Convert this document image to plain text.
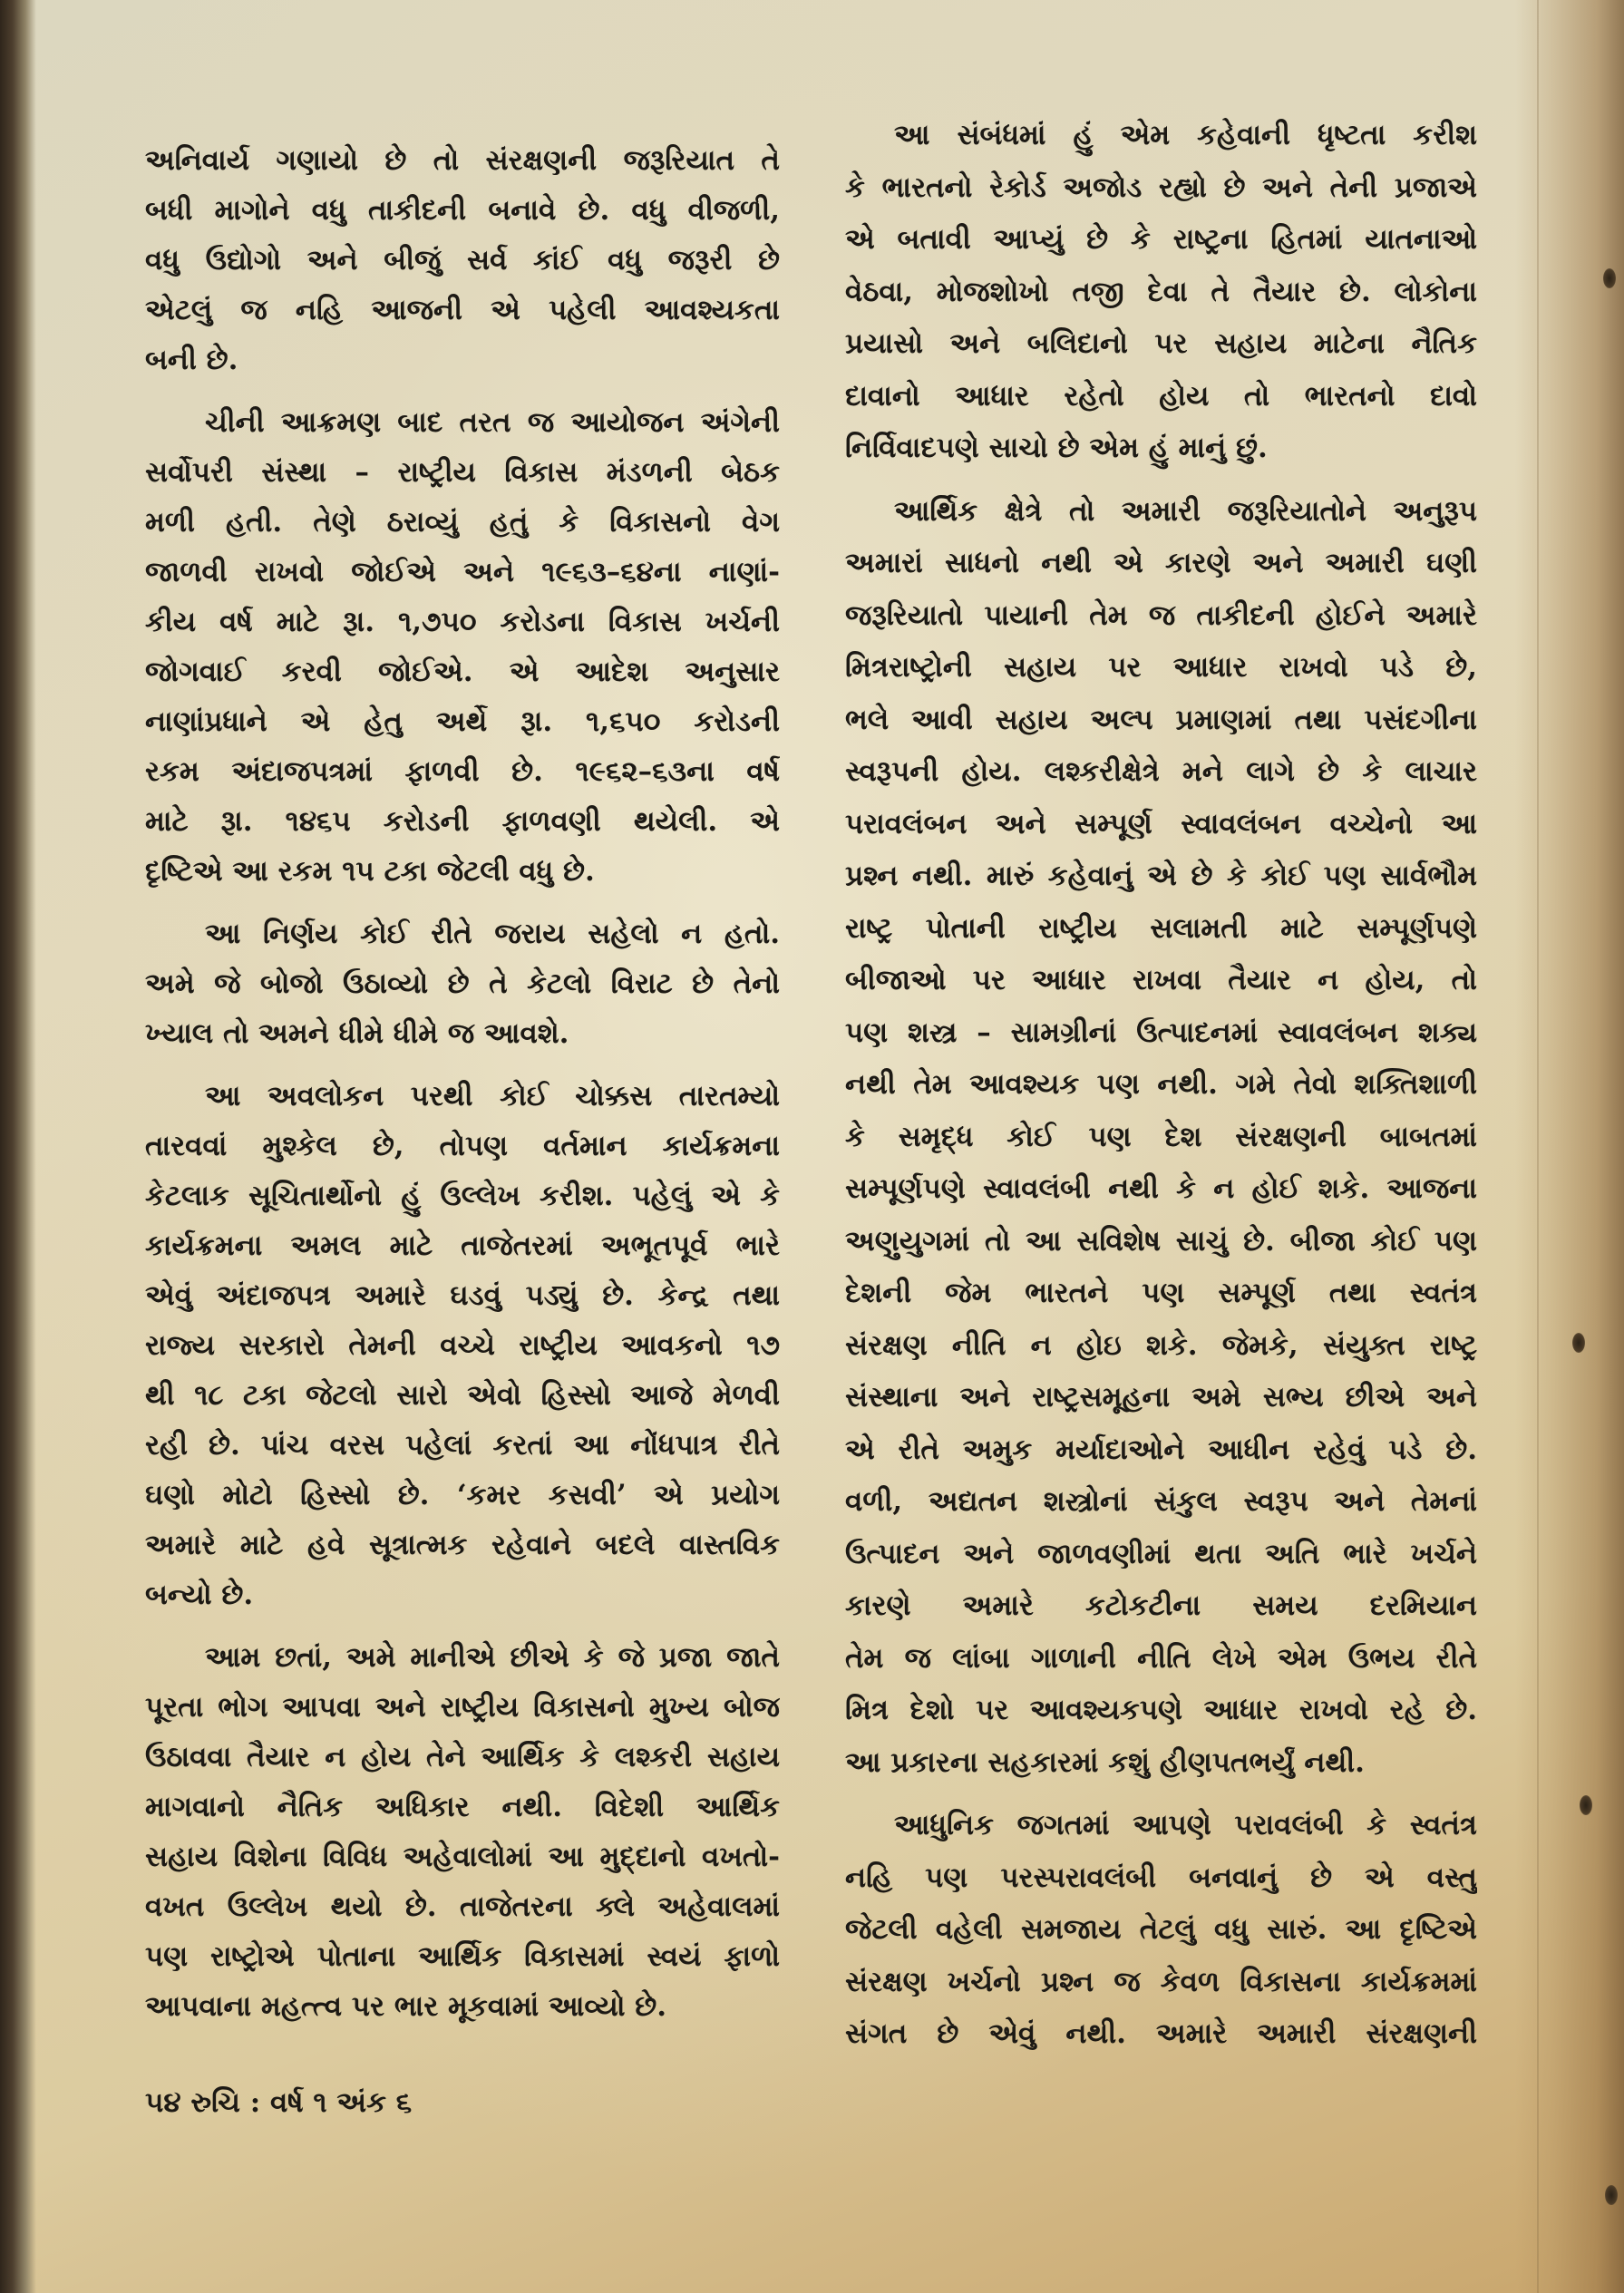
અનિવાર્ય ગણાયો છે તો સંરક્ષણની જરૂરિયાત તે
બધી માગોને વધુ તાકીદની બનાવે છે. વધુ વીજળી,
વધુ ઉદ્યોગો અને બીજું સર્વ કાંઈ વધુ જરૂરી છે
એટલું જ નહિ આજની એ પહેલી આવશ્યકતા
બની છે.
ચીની આક્રમણ બાદ તરત જ આયોજન અંગેની
સર્વોપરી સંસ્થા – રાષ્ટ્રીય વિકાસ મંડળની બેઠક
મળી હતી. તેણે ઠરાવ્યું હતું કે વિકાસનો વેગ
જાળવી રાખવો જોઈએ અને ૧૯૬૩–૬૪ના નાણાં-
કીય વર્ષ માટે રૂા. ૧,૭૫૦ કરોડના વિકાસ ખર્ચની
જોગવાઈ કરવી જોઈએ. એ આદેશ અનુસાર
નાણાંપ્રધાને એ હેતુ અર્થે રૂા. ૧,૬૫૦ કરોડની
રકમ અંદાજપત્રમાં ફાળવી છે. ૧૯૬૨–૬૩ના વર્ષ
માટે રૂા. ૧૪૬૫ કરોડની ફાળવણી થયેલી. એ
દૃષ્ટિએ આ રકમ ૧૫ ટકા જેટલી વધુ છે.
આ નિર્ણય કોઈ રીતે જરાય સહેલો ન હતો.
અમે જે બોજો ઉઠાવ્યો છે તે કેટલો વિરાટ છે તેનો
ખ્યાલ તો અમને ધીમે ધીમે જ આવશે.
આ અવલોકન પરથી કોઈ ચોક્કસ તારતમ્યો
તારવવાં મુશ્કેલ છે, તોપણ વર્તમાન કાર્યક્રમના
કેટલાક સૂચિતાર્થોનો હું ઉલ્લેખ કરીશ. પહેલું એ કે
કાર્યક્રમના અમલ માટે તાજેતરમાં અભૂતપૂર્વ ભારે
એવું અંદાજપત્ર અમારે ઘડવું પડ્યું છે. કેન્દ્ર તથા
રાજ્ય સરકારો તેમની વચ્ચે રાષ્ટ્રીય આવકનો ૧૭
થી ૧૮ ટકા જેટલો સારો એવો હિસ્સો આજે મેળવી
રહી છે. પાંચ વરસ પહેલાં કરતાં આ નોંધપાત્ર રીતે
ઘણો મોટો હિસ્સો છે. ‘કમર કસવી’ એ પ્રયોગ
અમારે માટે હવે સૂત્રાત્મક રહેવાને બદલે વાસ્તવિક
બન્યો છે.
આમ છતાં, અમે માનીએ છીએ કે જે પ્રજા જાતે
પૂરતા ભોગ આપવા અને રાષ્ટ્રીય વિકાસનો મુખ્ય બોજ
ઉઠાવવા તૈયાર ન હોય તેને આર્થિક કે લશ્કરી સહાય
માગવાનો નૈતિક અધિકાર નથી. વિદેશી આર્થિક
સહાય વિશેના વિવિધ અહેવાલોમાં આ મુદ્દાનો વખતો-
વખત ઉલ્લેખ થયો છે. તાજેતરના ક્લે અહેવાલમાં
પણ રાષ્ટ્રોએ પોતાના આર્થિક વિકાસમાં સ્વયં ફાળો
આપવાના મહત્ત્વ પર ભાર મૂકવામાં આવ્યો છે.
આ સંબંધમાં હું એમ કહેવાની ધૃષ્ટતા કરીશ
કે ભારતનો રેકોર્ડ અજોડ રહ્યો છે અને તેની પ્રજાએ
એ બતાવી આપ્યું છે કે રાષ્ટ્રના હિતમાં યાતનાઓ
વેઠવા, મોજશોખો તજી દેવા તે તૈયાર છે. લોકોના
પ્રયાસો અને બલિદાનો પર સહાય માટેના નૈતિક
દાવાનો આધાર રહેતો હોય તો ભારતનો દાવો
નિર્વિવાદપણે સાચો છે એમ હું માનું છું.
આર્થિક ક્ષેત્રે તો અમારી જરૂરિયાતોને અનુરૂપ
અમારાં સાધનો નથી એ કારણે અને અમારી ઘણી
જરૂરિયાતો પાયાની તેમ જ તાકીદની હોઈને અમારે
મિત્રરાષ્ટ્રોની સહાય પર આધાર રાખવો પડે છે,
ભલે આવી સહાય અલ્પ પ્રમાણમાં તથા પસંદગીના
સ્વરૂપની હોય. લશ્કરીક્ષેત્રે મને લાગે છે કે લાચાર
પરાવલંબન અને સમ્પૂર્ણ સ્વાવલંબન વચ્ચેનો આ
પ્રશ્ન નથી. મારું કહેવાનું એ છે કે કોઈ પણ સાર્વભૌમ
રાષ્ટ્ર પોતાની રાષ્ટ્રીય સલામતી માટે સમ્પૂર્ણપણે
બીજાઓ પર આધાર રાખવા તૈયાર ન હોય, તો
પણ શસ્ત્ર – સામગ્રીનાં ઉત્પાદનમાં સ્વાવલંબન શક્ય
નથી તેમ આવશ્યક પણ નથી. ગમે તેવો શક્તિશાળી
કે સમૃદ્ધ કોઈ પણ દેશ સંરક્ષણની બાબતમાં
સમ્પૂર્ણપણે સ્વાવલંબી નથી કે ન હોઈ શકે. આજના
અણુયુગમાં તો આ સવિશેષ સાચું છે. બીજા કોઈ પણ
દેશની જેમ ભારતને પણ સમ્પૂર્ણ તથા સ્વતંત્ર
સંરક્ષણ નીતિ ન હોઇ શકે. જેમકે, સંયુક્ત રાષ્ટ્ર
સંસ્થાના અને રાષ્ટ્રસમૂહના અમે સભ્ય છીએ અને
એ રીતે અમુક મર્યાદાઓને આધીન રહેવું પડે છે.
વળી, અદ્યતન શસ્ત્રોનાં સંકુલ સ્વરૂપ અને તેમનાં
ઉત્પાદન અને જાળવણીમાં થતા અતિ ભારે ખર્ચને
કારણે અમારે કટોકટીના સમય દરમિયાન
તેમ જ લાંબા ગાળાની નીતિ લેખે એમ ઉભય રીતે
મિત્ર દેશો પર આવશ્યકપણે આધાર રાખવો રહે છે.
આ પ્રકારના સહકારમાં કશું હીણપતભર્યું નથી.
આધુનિક જગતમાં આપણે પરાવલંબી કે સ્વતંત્ર
નહિ પણ પરસ્પરાવલંબી બનવાનું છે એ વસ્તુ
જેટલી વહેલી સમજાય તેટલું વધુ સારું. આ દૃષ્ટિએ
સંરક્ષણ ખર્ચનો પ્રશ્ન જ કેવળ વિકાસના કાર્યક્રમમાં
સંગત છે એવું નથી. અમારે અમારી સંરક્ષણની
૫૪ રુચિ : વર્ષ ૧ અંક ૬
